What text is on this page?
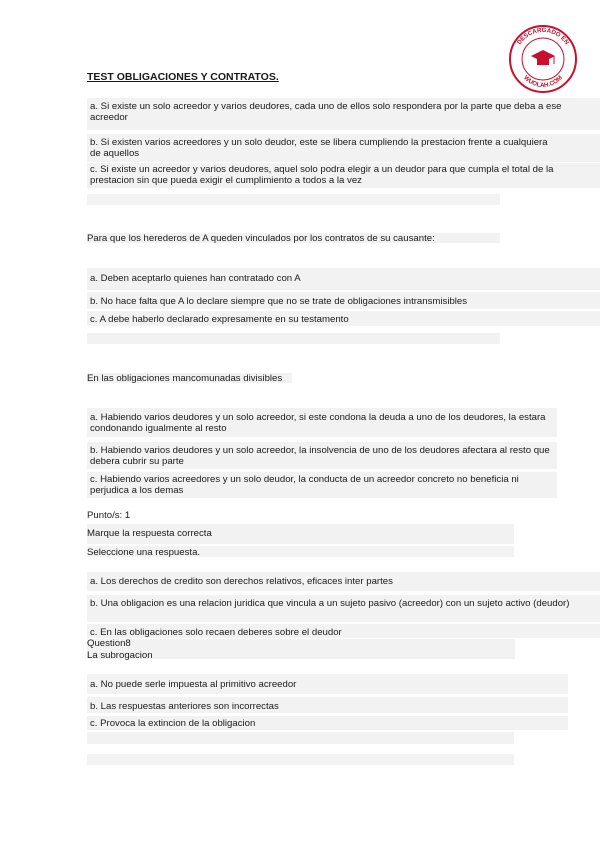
DESCARGADO EN
WUOLAH.COM
TEST OBLIGACIONES Y CONTRATOS.
a. Si existe un solo acreedor y varios deudores, cada uno de ellos solo respondera por la parte que deba a ese acreedor
b. Si existen varios acreedores y un solo deudor, este se libera cumpliendo la prestacion frente a cualquiera de aquellos
c. Si existe un acreedor y varios deudores, aquel solo podra elegir a un deudor para que cumpla el total de la prestacion sin que pueda exigir el cumplimiento a todos a la vez
Para que los herederos de A queden vinculados por los contratos de su causante:
a. Deben aceptarlo quienes han contratado con A
b. No hace falta que A lo declare siempre que no se trate de obligaciones intransmisibles
c. A debe haberlo declarado expresamente en su testamento
En las obligaciones mancomunadas divisibles
a. Habiendo varios deudores y un solo acreedor, si este condona la deuda a uno de los deudores, la estara condonando igualmente al resto
b. Habiendo varios deudores y un solo acreedor, la insolvencia de uno de los deudores afectara al resto que debera cubrir su parte
c. Habiendo varios acreedores y un solo deudor, la conducta de un acreedor concreto no beneficia ni perjudica a los demas
Punto/s: 1
Marque la respuesta correcta
Seleccione una respuesta.
a. Los derechos de credito son derechos relativos, eficaces inter partes
b. Una obligacion es una relacion juridica que vincula a un sujeto pasivo (acreedor) con un sujeto activo (deudor)
c. En las obligaciones solo recaen deberes sobre el deudor
Question8
La subrogacion
a. No puede serle impuesta al primitivo acreedor
b. Las respuestas anteriores son incorrectas
c. Provoca la extincion de la obligacion
